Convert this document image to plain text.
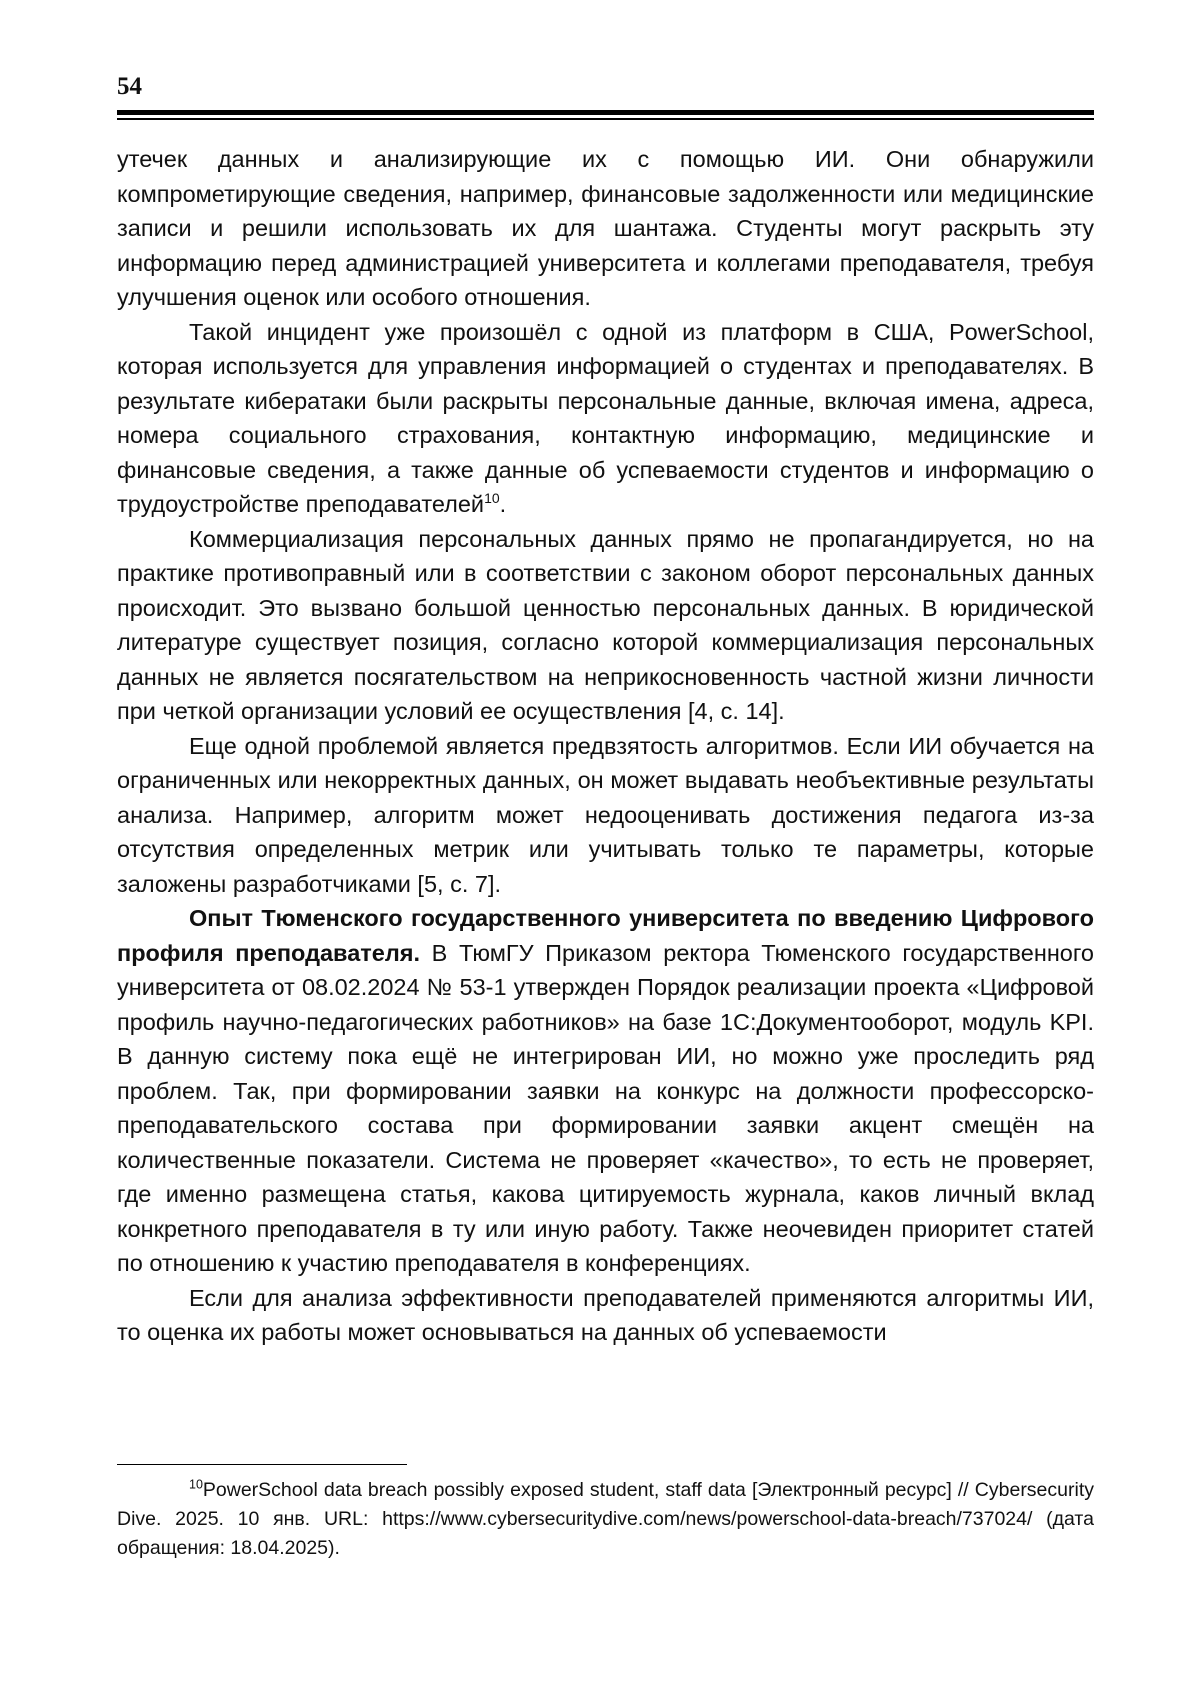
54

утечек данных и анализирующие их с помощью ИИ. Они обнаружили компрометирующие сведения, например, финансовые задолженности или медицинские записи и решили использовать их для шантажа. Студенты могут раскрыть эту информацию перед администрацией университета и коллегами преподавателя, требуя улучшения оценок или особого отношения.

Такой инцидент уже произошёл с одной из платформ в США, PowerSchool, которая используется для управления информацией о студентах и преподавателях. В результате кибератаки были раскрыты персональные данные, включая имена, адреса, номера социального страхования, контактную информацию, медицинские и финансовые сведения, а также данные об успеваемости студентов и информацию о трудоустройстве преподавателей$^{10}$.

Коммерциализация персональных данных прямо не пропагандируется, но на практике противоправный или в соответствии с законом оборот персональных данных происходит. Это вызвано большой ценностью персональных данных. В юридической литературе существует позиция, согласно которой коммерциализация персональных данных не является посягательством на неприкосновенность частной жизни личности при четкой организации условий ее осуществления [4, с. 14].

Еще одной проблемой является предвзятость алгоритмов. Если ИИ обучается на ограниченных или некорректных данных, он может выдавать необъективные результаты анализа. Например, алгоритм может недооценивать достижения педагога из-за отсутствия определенных метрик или учитывать только те параметры, которые заложены разработчиками [5, с. 7].

Опыт Тюменского государственного университета по введению Цифрового профиля преподавателя. В ТюмГУ Приказом ректора Тюменского государственного университета от 08.02.2024 № 53-1 утвержден Порядок реализации проекта «Цифровой профиль научно-педагогических работников» на базе 1С:Документооборот, модуль KPI. В данную систему пока ещё не интегрирован ИИ, но можно уже проследить ряд проблем. Так, при формировании заявки на конкурс на должности профессорско-преподавательского состава при формировании заявки акцент смещён на количественные показатели. Система не проверяет «качество», то есть не проверяет, где именно размещена статья, какова цитируемость журнала, каков личный вклад конкретного преподавателя в ту или иную работу. Также неочевиден приоритет статей по отношению к участию преподавателя в конференциях.

Если для анализа эффективности преподавателей применяются алгоритмы ИИ, то оценка их работы может основываться на данных об успеваемости

$^{10}$PowerSchool data breach possibly exposed student, staff data [Электронный ресурс] // Cybersecurity Dive. 2025. 10 янв. URL: https://www.cybersecuritydive.com/news/powerschool-data-breach/737024/ (дата обращения: 18.04.2025).
